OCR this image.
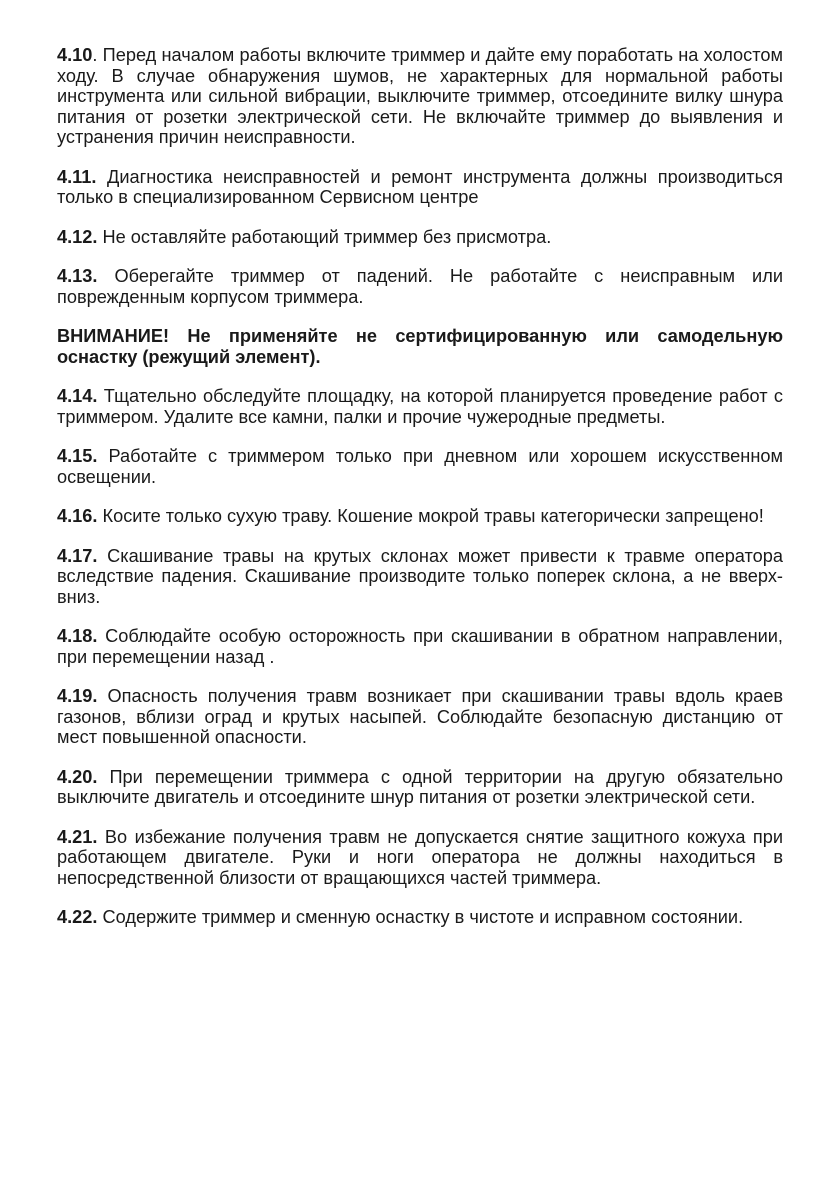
4.10. Перед началом работы включите триммер и дайте ему поработать на холостом ходу. В случае обнаружения шумов, не характерных для нормальной работы инструмента или сильной вибрации, выключите триммер, отсоедините вилку шнура питания от розетки электрической сети. Не включайте триммер до выявления и устранения причин неисправности.

4.11. Диагностика неисправностей и ремонт инструмента должны производиться только в специализированном Сервисном центре

4.12. Не оставляйте работающий триммер без присмотра.

4.13. Оберегайте триммер от падений. Не работайте с неисправным или поврежденным корпусом триммера.

ВНИМАНИЕ! Не применяйте не сертифицированную или самодельную оснастку (режущий элемент).

4.14. Тщательно обследуйте площадку, на которой планируется проведение работ с триммером. Удалите все камни, палки и прочие чужеродные предметы.

4.15. Работайте с триммером только при дневном или хорошем искусственном освещении.

4.16. Косите только сухую траву. Кошение мокрой травы категорически запрещено!

4.17. Скашивание травы на крутых склонах может привести к травме оператора вследствие падения. Скашивание производите только поперек склона, а не вверх-вниз.

4.18. Соблюдайте особую осторожность при скашивании в обратном направлении, при перемещении назад .

4.19. Опасность получения травм возникает при скашивании травы вдоль краев газонов, вблизи оград и крутых насыпей. Соблюдайте безопасную дистанцию от мест повышенной опасности.

4.20. При перемещении триммера с одной территории на другую обязательно выключите двигатель и отсоедините шнур питания от розетки электрической сети.

4.21. Во избежание получения травм не допускается снятие защитного кожуха при работающем двигателе. Руки и ноги оператора не должны находиться в непосредственной близости от вращающихся частей триммера.

4.22. Содержите триммер и сменную оснастку в чистоте и исправном состоянии.
